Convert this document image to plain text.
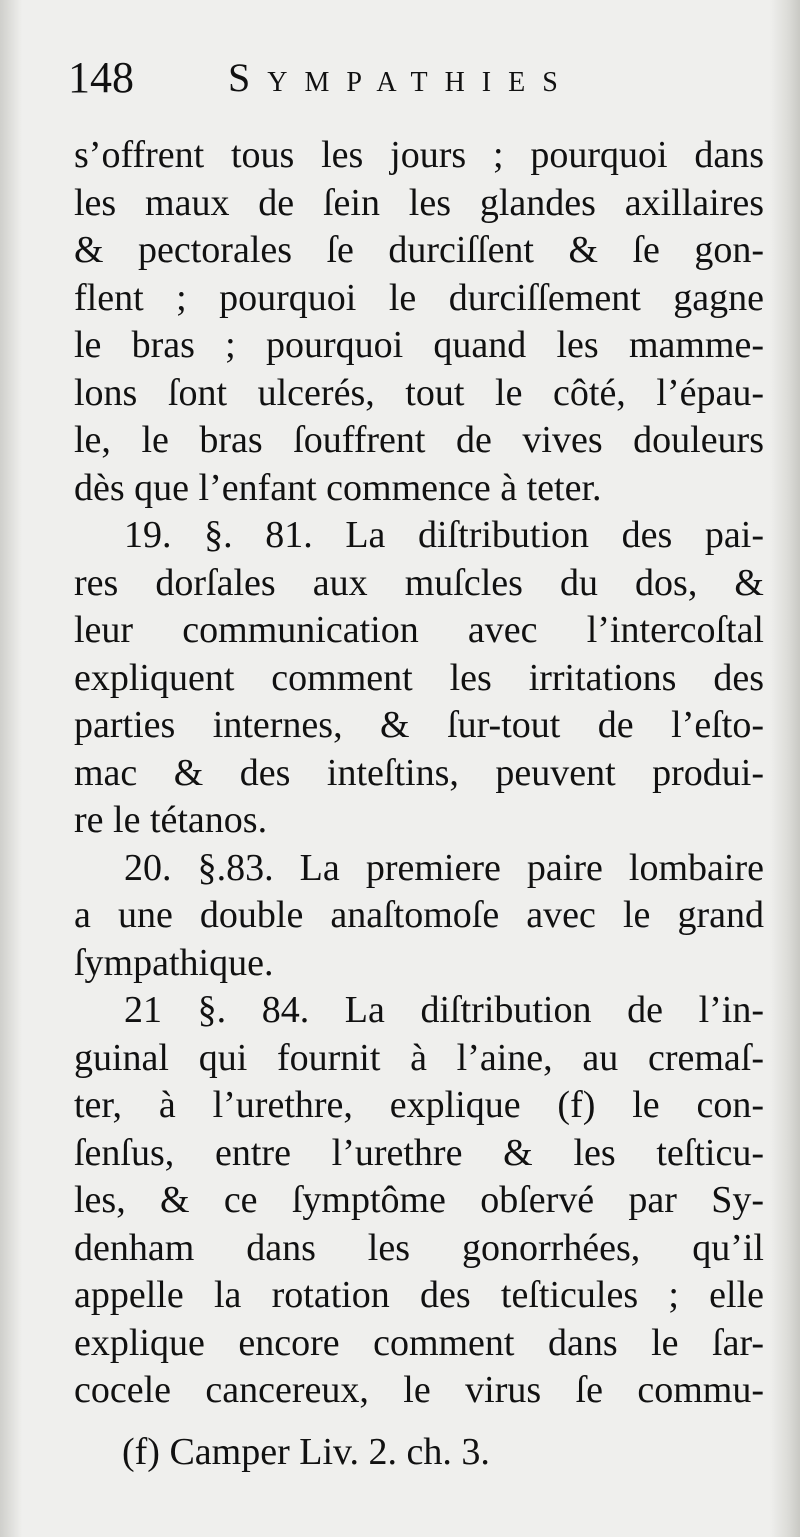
148 Sympathies
s’offrent tous les jours ; pourquoi dans
les maux de ſein les glandes axillaires
& pectorales ſe durciſſent & ſe gon-
flent ; pourquoi le durciſſement gagne
le bras ; pourquoi quand les mamme-
lons ſont ulcerés, tout le côté, l’épau-
le, le bras ſouffrent de vives douleurs
dès que l’enfant commence à teter.
19. §. 81. La diſtribution des pai-
res dorſales aux muſcles du dos, &
leur communication avec l’intercoſtal
expliquent comment les irritations des
parties internes, & ſur-tout de l’eſto-
mac & des inteſtins, peuvent produi-
re le tétanos.
20. §.83. La premiere paire lombaire
a une double anaſtomoſe avec le grand
ſympathique.
21 §. 84. La diſtribution de l’in-
guinal qui fournit à l’aine, au cremaſ-
ter, à l’urethre, explique (f) le con-
ſenſus, entre l’urethre & les teſticu-
les, & ce ſymptôme obſervé par Sy-
denham dans les gonorrhées, qu’il
appelle la rotation des teſticules ; elle
explique encore comment dans le ſar-
cocele cancereux, le virus ſe commu-
(f) Camper Liv. 2. ch. 3.
